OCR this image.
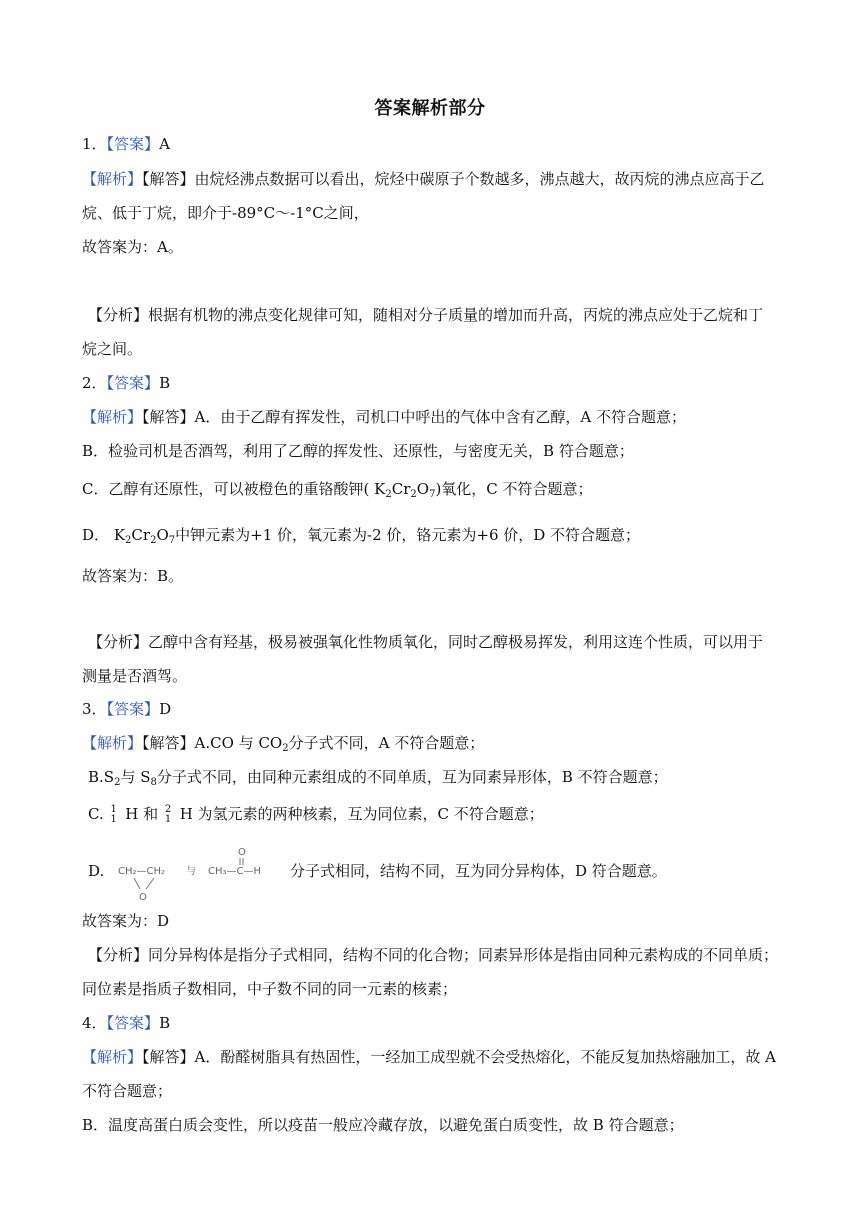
答案解析部分
1．【答案】A
【解析】【解答】由烷烃沸点数据可以看出，烷烃中碳原子个数越多，沸点越大，故丙烷的沸点应高于乙
烷、低于丁烷，即介于-89°C～-1°C之间，
故答案为：A。
【分析】根据有机物的沸点变化规律可知，随相对分子质量的增加而升高，丙烷的沸点应处于乙烷和丁
烷之间。
2．【答案】B
【解析】【解答】A．由于乙醇有挥发性，司机口中呼出的气体中含有乙醇，A 不符合题意；
B．检验司机是否酒驾，利用了乙醇的挥发性、还原性，与密度无关，B 符合题意；
C．乙醇有还原性，可以被橙色的重铬酸钾( $K_2Cr_2O_7$)氧化，C 不符合题意；
D． $K_2Cr_2O_7$中钾元素为+1 价，氧元素为-2 价，铬元素为+6 价，D 不符合题意；
故答案为：B。
【分析】乙醇中含有羟基，极易被强氧化性物质氧化，同时乙醇极易挥发，利用这连个性质，可以用于
测量是否酒驾。
3．【答案】D
【解析】【解答】A.CO 与 $CO_2$分子式不同，A 不符合题意；
$B.S_2$与 $S_8$分子式不同，由同种元素组成的不同单质，互为同素异形体，B 不符合题意；
C. 1
1 H 和 2
1 H 为氢元素的两种核素，互为同位素，C 不符合题意；
D.	分子式相同，结构不同，互为同分异构体，D 符合题意。
CH₂—CH₂
O
与 CH₃—C—H
O
故答案为：D
【分析】同分异构体是指分子式相同，结构不同的化合物；同素异形体是指由同种元素构成的不同单质；
同位素是指质子数相同，中子数不同的同一元素的核素；
4．【答案】B
【解析】【解答】A．酚醛树脂具有热固性，一经加工成型就不会受热熔化，不能反复加热熔融加工，故 A
不符合题意；
B．温度高蛋白质会变性，所以疫苗一般应冷藏存放，以避免蛋白质变性，故 B 符合题意；
